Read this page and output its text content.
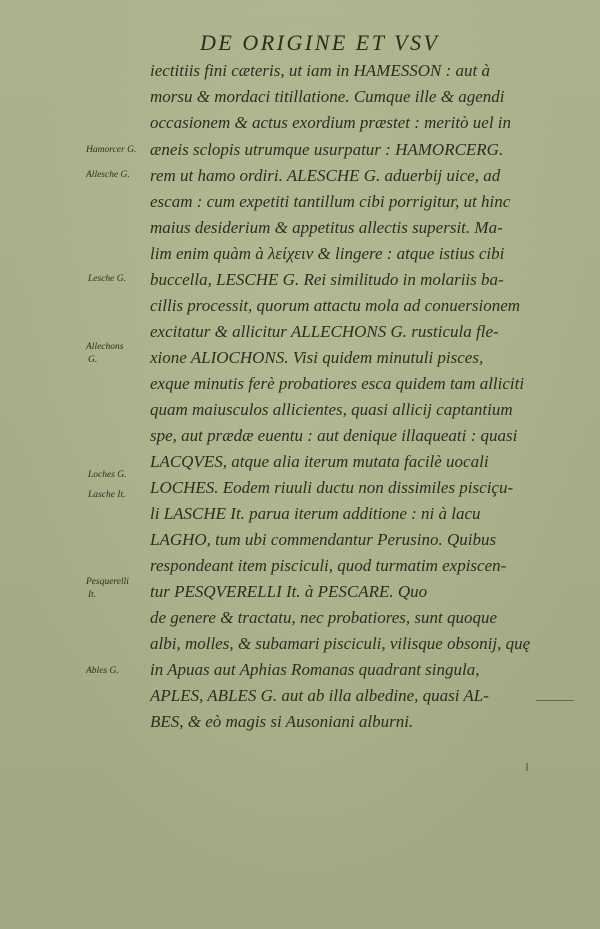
DE ORIGINE ET VSV
iectitiis fini cæteris, ut iam in HAMESSON : aut à
morsu & mordaci titillatione. Cumque ille & agendi
occasionem & actus exordium præstet : meritò uel in
æneis sclopis utrumque usurpatur : HAMORCERG.
rem ut hamo ordiri. ALESCHE G. aduerbij uice, ad
escam : cum expetiti tantillum cibi porrigitur, ut hinc
maius desiderium & appetitus allectis supersit. Ma-
lim enim quàm à λείχειν & lingere : atque istius cibi
buccella, LESCHE G. Rei similitudo in molariis ba-
cillis processit, quorum attactu mola ad conuersionem
excitatur & allicitur ALLECHONS G. rusticula fle-
xione ALIOCHONS. Visi quidem minutuli pisces,
exque minutis ferè probatiores esca quidem tam alliciti
quam maiusculos allicientes, quasi allicij captantium
spe, aut prædæ euentu : aut denique illaqueati : quasi
LACQVES, atque alia iterum mutata facilè uocali
LOCHES. Eodem riuuli ductu non dissimiles pisciçu-
li LASCHE It. parua iterum additione : ni à lacu
LAGHO, tum ubi commendantur Perusino. Quibus
respondeant item pisciculi, quod turmatim expiscen-
tur PESQVERELLI It. à PESCARE. Quo
de genere & tractatu, nec probatiores, sunt quoque
albi, molles, & subamari pisciculi, vilisque obsonij, quę
in Apuas aut Aphias Romanas quadrant singula,
APLES, ABLES G. aut ab illa albedine, quasi AL-
BES, & eò magis si Ausoniani alburni.
Hamorcer G.
Allesche G.
Lesche G.
Allechons
G.
Loches G.
Lasche It.
Pesquerelli
It.
Ables G.
